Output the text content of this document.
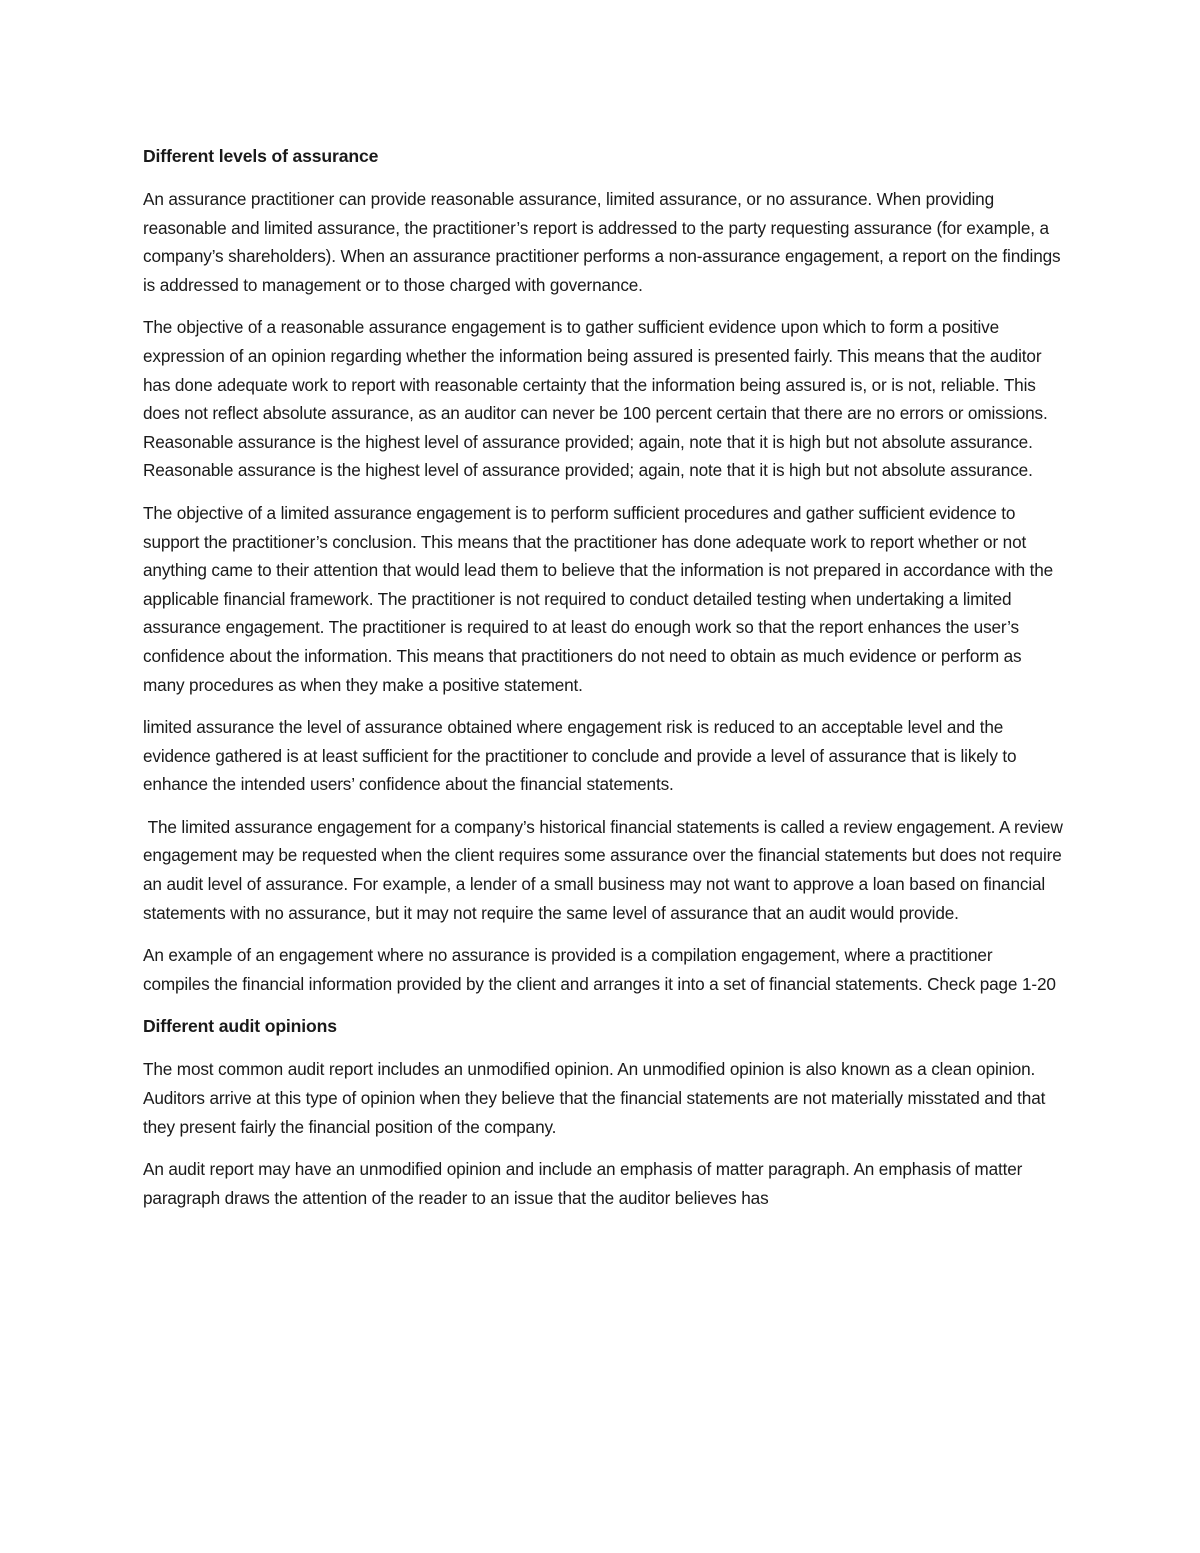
Different levels of assurance

An assurance practitioner can provide reasonable assurance, limited assurance, or no assurance. When providing reasonable and limited assurance, the practitioner’s report is addressed to the party requesting assurance (for example, a company’s shareholders). When an assurance practitioner performs a non-assurance engagement, a report on the findings is addressed to management or to those charged with governance.

The objective of a reasonable assurance engagement is to gather sufficient evidence upon which to form a positive expression of an opinion regarding whether the information being assured is presented fairly. This means that the auditor has done adequate work to report with reasonable certainty that the information being assured is, or is not, reliable. This does not reflect absolute assurance, as an auditor can never be 100 percent certain that there are no errors or omissions. Reasonable assurance is the highest level of assurance provided; again, note that it is high but not absolute assurance. Reasonable assurance is the highest level of assurance provided; again, note that it is high but not absolute assurance.

The objective of a limited assurance engagement is to perform sufficient procedures and gather sufficient evidence to support the practitioner’s conclusion. This means that the practitioner has done adequate work to report whether or not anything came to their attention that would lead them to believe that the information is not prepared in accordance with the applicable financial framework. The practitioner is not required to conduct detailed testing when undertaking a limited assurance engagement. The practitioner is required to at least do enough work so that the report enhances the user’s confidence about the information. This means that practitioners do not need to obtain as much evidence or perform as many procedures as when they make a positive statement.

limited assurance the level of assurance obtained where engagement risk is reduced to an acceptable level and the evidence gathered is at least sufficient for the practitioner to conclude and provide a level of assurance that is likely to enhance the intended users’ confidence about the financial statements.

The limited assurance engagement for a company’s historical financial statements is called a review engagement. A review engagement may be requested when the client requires some assurance over the financial statements but does not require an audit level of assurance. For example, a lender of a small business may not want to approve a loan based on financial statements with no assurance, but it may not require the same level of assurance that an audit would provide.

An example of an engagement where no assurance is provided is a compilation engagement, where a practitioner compiles the financial information provided by the client and arranges it into a set of financial statements. Check page 1-20

Different audit opinions

The most common audit report includes an unmodified opinion. An unmodified opinion is also known as a clean opinion. Auditors arrive at this type of opinion when they believe that the financial statements are not materially misstated and that they present fairly the financial position of the company.

An audit report may have an unmodified opinion and include an emphasis of matter paragraph. An emphasis of matter paragraph draws the attention of the reader to an issue that the auditor believes has
